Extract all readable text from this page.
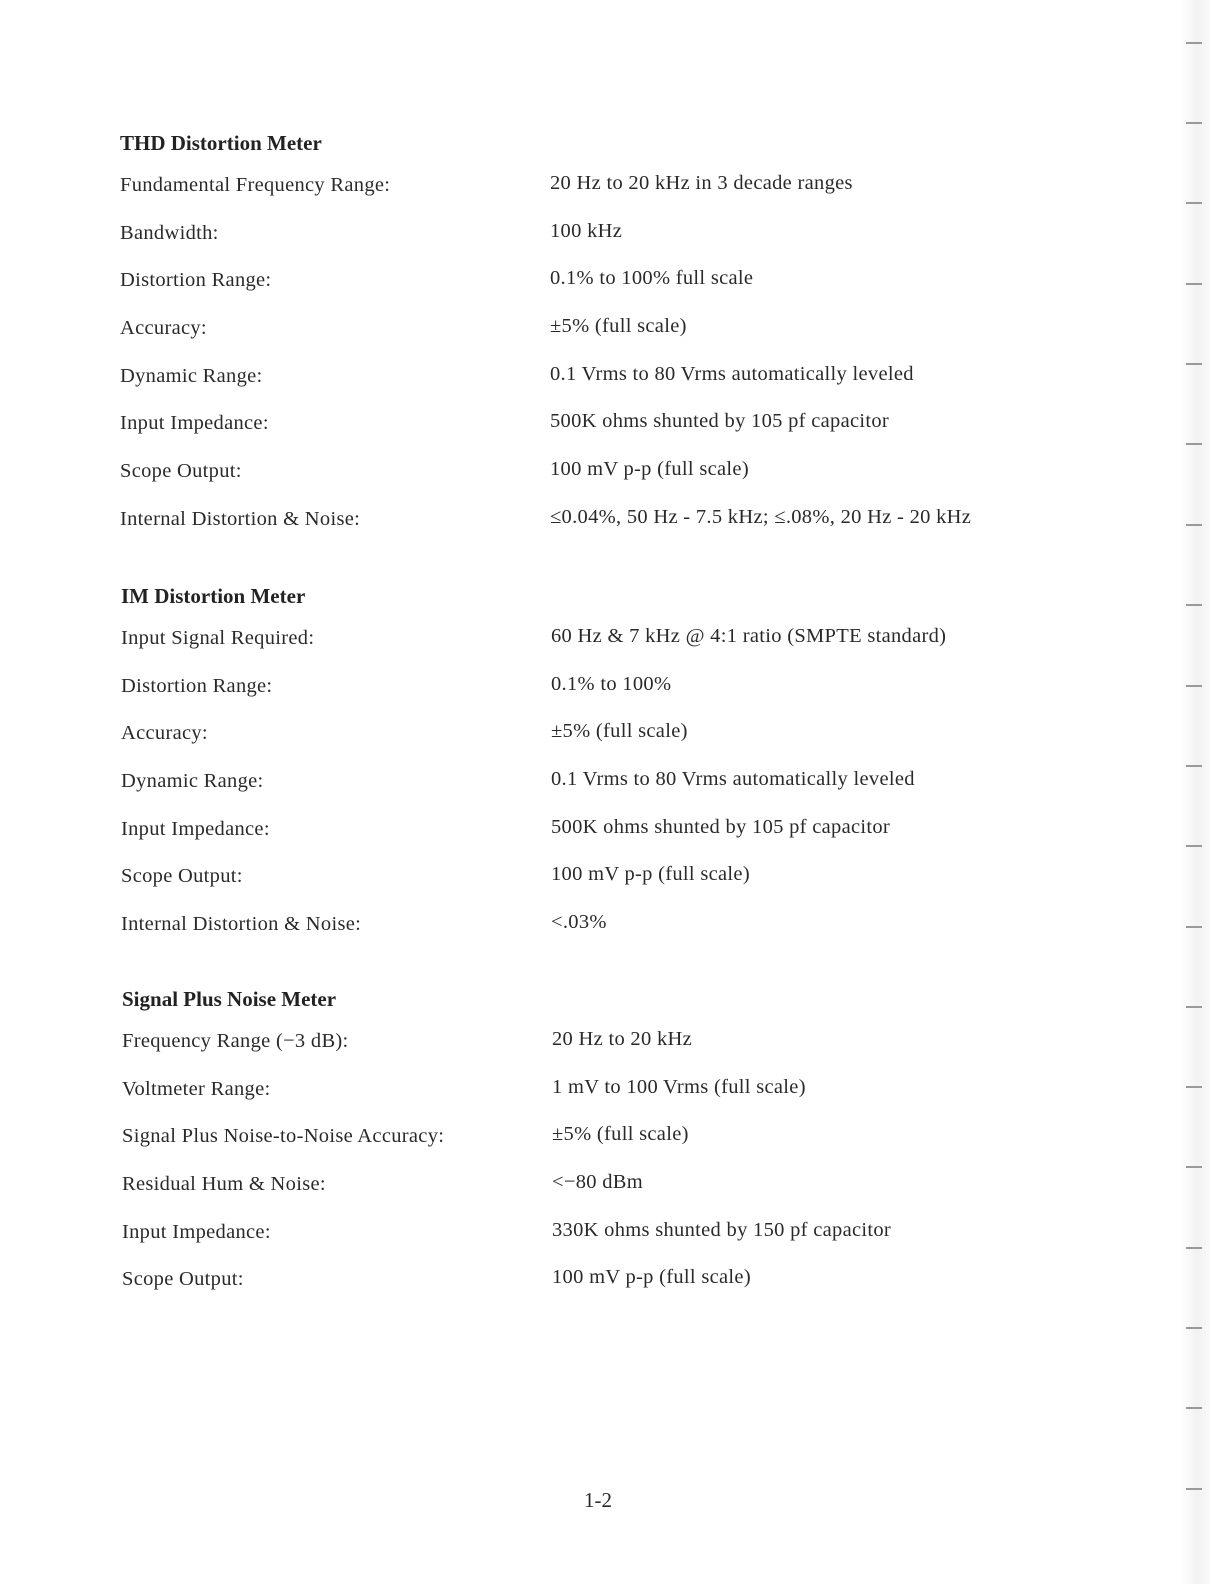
THD Distortion Meter
Fundamental Frequency Range:	20 Hz to 20 kHz in 3 decade ranges
Bandwidth:	100 kHz
Distortion Range:	0.1% to 100% full scale
Accuracy:	±5% (full scale)
Dynamic Range:	0.1 Vrms to 80 Vrms automatically leveled
Input Impedance:	500K ohms shunted by 105 pf capacitor
Scope Output:	100 mV p-p (full scale)
Internal Distortion & Noise:	≤0.04%, 50 Hz - 7.5 kHz; ≤.08%, 20 Hz - 20 kHz
IM Distortion Meter
Input Signal Required:	60 Hz & 7 kHz @ 4:1 ratio (SMPTE standard)
Distortion Range:	0.1% to 100%
Accuracy:	±5% (full scale)
Dynamic Range:	0.1 Vrms to 80 Vrms automatically leveled
Input Impedance:	500K ohms shunted by 105 pf capacitor
Scope Output:	100 mV p-p (full scale)
Internal Distortion & Noise:	<.03%
Signal Plus Noise Meter
Frequency Range (−3 dB):	20 Hz to 20 kHz
Voltmeter Range:	1 mV to 100 Vrms (full scale)
Signal Plus Noise-to-Noise Accuracy:	±5% (full scale)
Residual Hum & Noise:	<−80 dBm
Input Impedance:	330K ohms shunted by 150 pf capacitor
Scope Output:	100 mV p-p (full scale)
1-2
